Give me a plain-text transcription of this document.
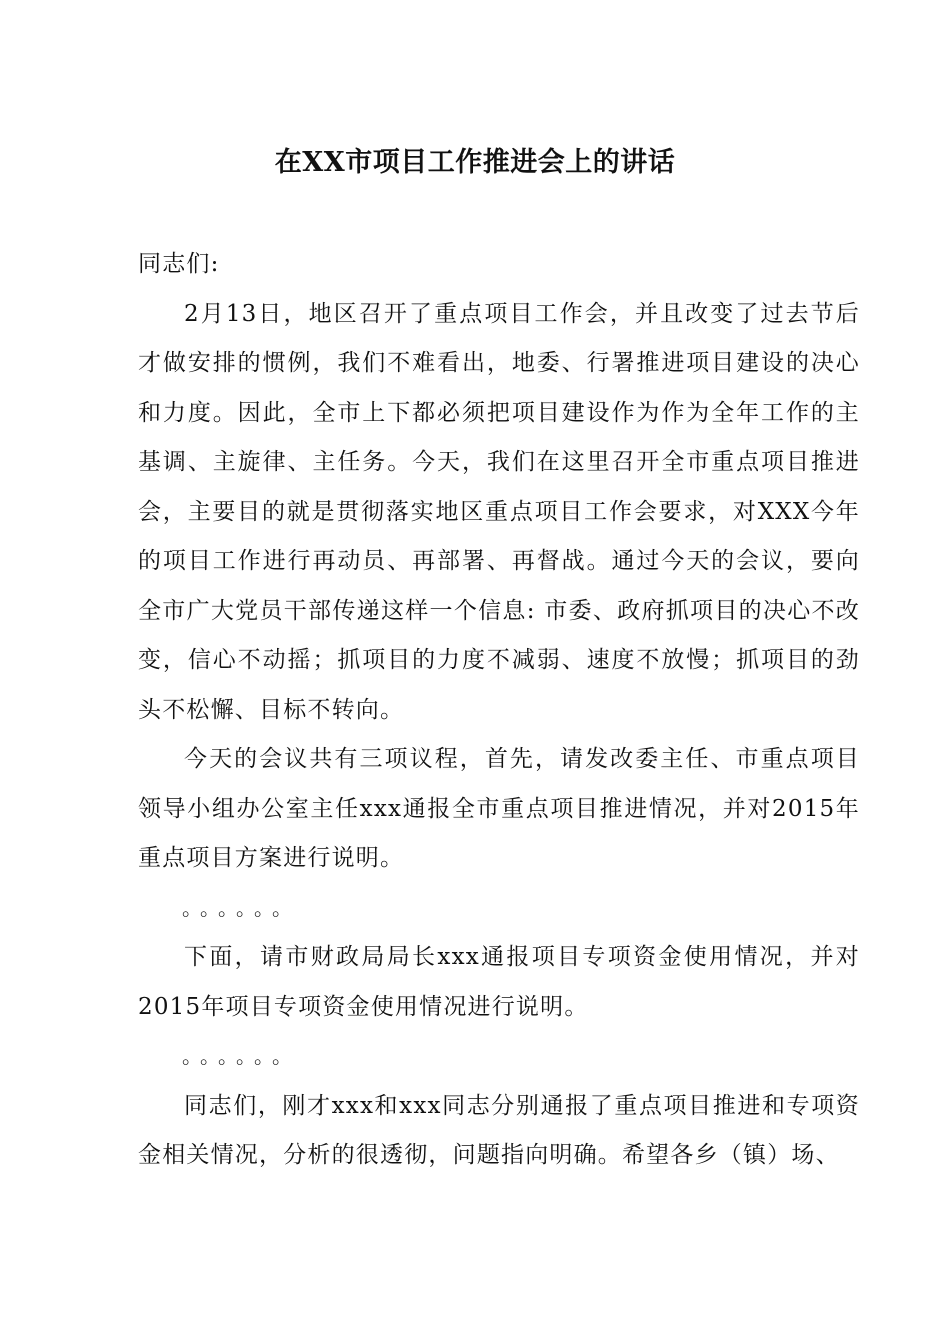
在XX市项目工作推进会上的讲话

同志们:

2月13日，地区召开了重点项目工作会，并且改变了过去节后才做安排的惯例，我们不难看出，地委、行署推进项目建设的决心和力度。因此，全市上下都必须把项目建设作为作为全年工作的主基调、主旋律、主任务。今天，我们在这里召开全市重点项目推进会，主要目的就是贯彻落实地区重点项目工作会要求，对XXX今年的项目工作进行再动员、再部署、再督战。通过今天的会议，要向全市广大党员干部传递这样一个信息: 市委、政府抓项目的决心不改变，信心不动摇；抓项目的力度不减弱、速度不放慢；抓项目的劲头不松懈、目标不转向。

今天的会议共有三项议程，首先，请发改委主任、市重点项目领导小组办公室主任xxx通报全市重点项目推进情况，并对2015年重点项目方案进行说明。

。。。。。。

下面，请市财政局局长xxx通报项目专项资金使用情况，并对2015年项目专项资金使用情况进行说明。

。。。。。。

同志们，刚才xxx和xxx同志分别通报了重点项目推进和专项资金相关情况，分析的很透彻，问题指向明确。希望各乡（镇）场、
